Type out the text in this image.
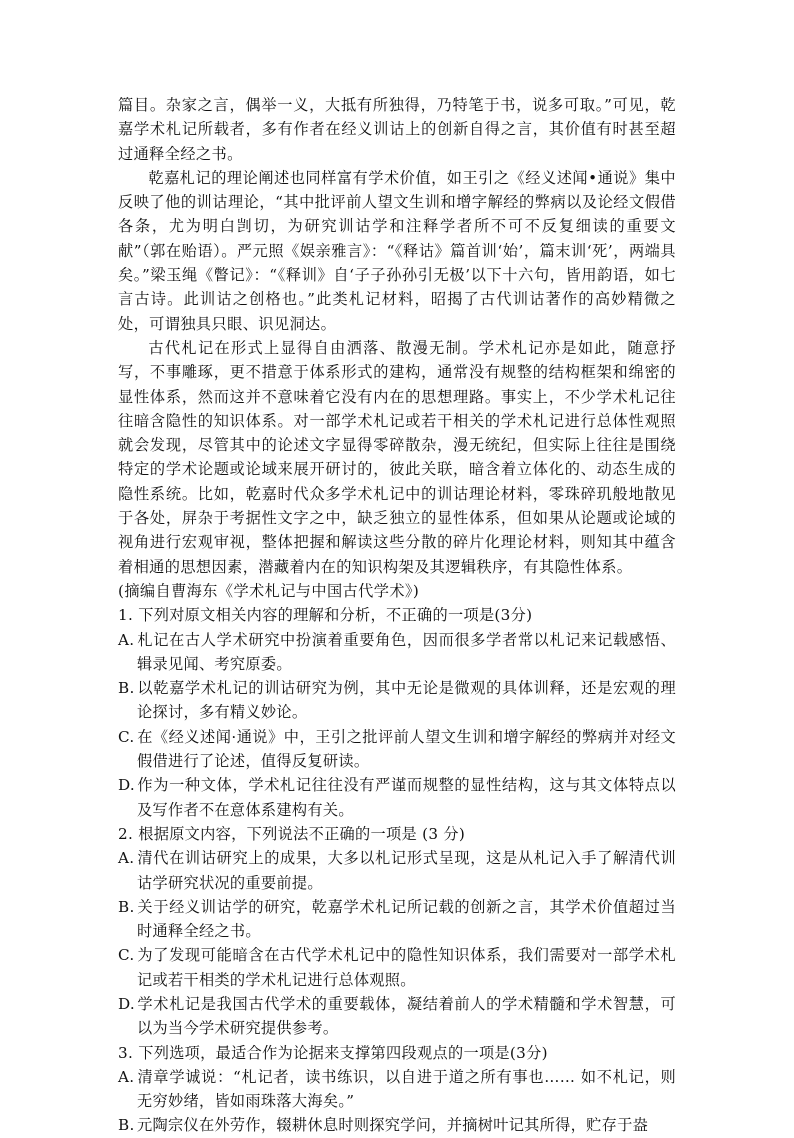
篇目。杂家之言，偶举一义，大抵有所独得，乃特笔于书，说多可取。”可见，乾嘉学术札记所载者，多有作者在经义训诂上的创新自得之言，其价值有时甚至超过通释全经之书。

乾嘉札记的理论阐述也同样富有学术价值，如王引之《经义述闻•通说》集中反映了他的训诂理论，“其中批评前人望文生训和增字解经的弊病以及论经文假借各条，尤为明白剀切，为研究训诂学和注释学者所不可不反复细读的重要文献”（郭在贻语）。严元照《娱亲雅言》：“《释诂》篇首训‘始’，篇末训‘死’，两端具矣。”梁玉绳《瞥记》：“《释训》自‘子子孙孙引无极’以下十六句，皆用韵语，如七言古诗。此训诂之创格也。”此类札记材料，昭揭了古代训诂著作的高妙精微之处，可谓独具只眼、识见洞达。

古代札记在形式上显得自由洒落、散漫无制。学术札记亦是如此，随意抒写，不事雕琢，更不措意于体系形式的建构，通常没有规整的结构框架和绵密的显性体系，然而这并不意味着它没有内在的思想理路。事实上，不少学术札记往往暗含隐性的知识体系。对一部学术札记或若干相关的学术札记进行总体性观照就会发现，尽管其中的论述文字显得零碎散杂，漫无统纪，但实际上往往是围绕特定的学术论题或论域来展开研讨的，彼此关联，暗含着立体化的、动态生成的隐性系统。比如，乾嘉时代众多学术札记中的训诂理论材料，零珠碎玑般地散见于各处，屏杂于考据性文字之中，缺乏独立的显性体系，但如果从论题或论域的视角进行宏观审视，整体把握和解读这些分散的碎片化理论材料，则知其中蕴含着相通的思想因素，潜藏着内在的知识构架及其逻辑秩序，有其隐性体系。

(摘编自曹海东《学术札记与中国古代学术》)

1. 下列对原文相关内容的理解和分析，不正确的一项是(3分)

A. 札记在古人学术研究中扮演着重要角色，因而很多学者常以札记来记载感悟、辑录见闻、考究原委。

B. 以乾嘉学术札记的训诂研究为例，其中无论是微观的具体训释，还是宏观的理论探讨，多有精义妙论。

C. 在《经义述闻·通说》中，王引之批评前人望文生训和增字解经的弊病并对经文假借进行了论述，值得反复研读。

D. 作为一种文体，学术札记往往没有严谨而规整的显性结构，这与其文体特点以及写作者不在意体系建构有关。

2. 根据原文内容，下列说法不正确的一项是 (3 分)

A. 清代在训诂研究上的成果，大多以札记形式呈现，这是从札记入手了解清代训诂学研究状况的重要前提。

B. 关于经义训诂学的研究，乾嘉学术札记所记载的创新之言，其学术价值超过当时通释全经之书。

C. 为了发现可能暗含在古代学术札记中的隐性知识体系，我们需要对一部学术札记或若干相类的学术札记进行总体观照。

D. 学术札记是我国古代学术的重要载体，凝结着前人的学术精髓和学术智慧，可以为当今学术研究提供参考。

3. 下列选项，最适合作为论据来支撑第四段观点的一项是(3分)

A. 清章学诚说：“札记者，读书练识，以自进于道之所有事也…… 如不札记，则无穷妙绪，皆如雨珠落大海矣。”

B. 元陶宗仪在外劳作，辍耕休息时则探究学问，并摘树叶记其所得，贮存于盎
